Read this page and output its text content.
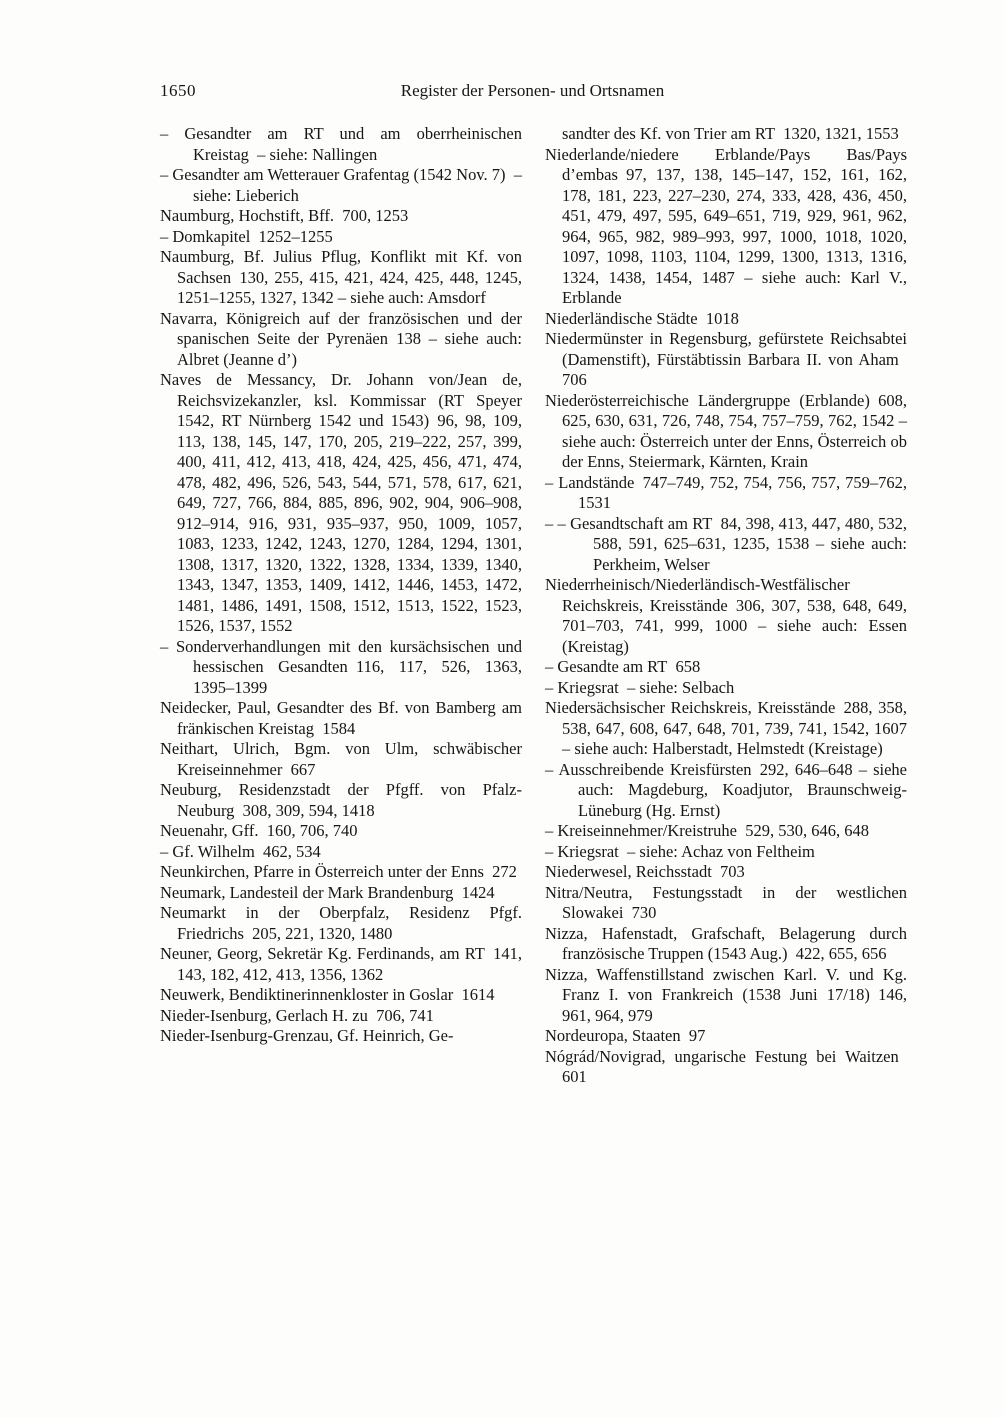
1650	Register der Personen- und Ortsnamen

– Gesandter am RT und am oberrheinischen Kreistag – siehe: Nallingen

– Gesandter am Wetterauer Grafentag (1542 Nov. 7) – siehe: Lieberich

Naumburg, Hochstift, Bff. 700, 1253

– Domkapitel 1252–1255

Naumburg, Bf. Julius Pflug, Konflikt mit Kf. von Sachsen 130, 255, 415, 421, 424, 425, 448, 1245, 1251–1255, 1327, 1342 – siehe auch: Amsdorf

Navarra, Königreich auf der französischen und der spanischen Seite der Pyrenäen 138 – siehe auch: Albret (Jeanne d’)

Naves de Messancy, Dr. Johann von/Jean de, Reichsvizekanzler, ksl. Kommissar (RT Speyer 1542, RT Nürnberg 1542 und 1543) 96, 98, 109, 113, 138, 145, 147, 170, 205, 219–222, 257, 399, 400, 411, 412, 413, 418, 424, 425, 456, 471, 474, 478, 482, 496, 526, 543, 544, 571, 578, 617, 621, 649, 727, 766, 884, 885, 896, 902, 904, 906–908, 912–914, 916, 931, 935–937, 950, 1009, 1057, 1083, 1233, 1242, 1243, 1270, 1284, 1294, 1301, 1308, 1317, 1320, 1322, 1328, 1334, 1339, 1340, 1343, 1347, 1353, 1409, 1412, 1446, 1453, 1472, 1481, 1486, 1491, 1508, 1512, 1513, 1522, 1523, 1526, 1537, 1552

– Sonderverhandlungen mit den kursächsischen und hessischen Gesandten 116, 117, 526, 1363, 1395–1399

Neidecker, Paul, Gesandter des Bf. von Bamberg am fränkischen Kreistag 1584

Neithart, Ulrich, Bgm. von Ulm, schwäbischer Kreiseinnehmer 667

Neuburg, Residenzstadt der Pfgff. von Pfalz-Neuburg 308, 309, 594, 1418

Neuenahr, Gff. 160, 706, 740

– Gf. Wilhelm 462, 534

Neunkirchen, Pfarre in Österreich unter der Enns 272

Neumark, Landesteil der Mark Brandenburg 1424

Neumarkt in der Oberpfalz, Residenz Pfgf. Friedrichs 205, 221, 1320, 1480

Neuner, Georg, Sekretär Kg. Ferdinands, am RT 141, 143, 182, 412, 413, 1356, 1362

Neuwerk, Bendiktinerinnenkloster in Goslar 1614

Nieder-Isenburg, Gerlach H. zu 706, 741

Nieder-Isenburg-Grenzau, Gf. Heinrich, Ge-

sandter des Kf. von Trier am RT 1320, 1321, 1553

Niederlande/niedere Erblande/Pays Bas/Pays d’embas 97, 137, 138, 145–147, 152, 161, 162, 178, 181, 223, 227–230, 274, 333, 428, 436, 450, 451, 479, 497, 595, 649–651, 719, 929, 961, 962, 964, 965, 982, 989–993, 997, 1000, 1018, 1020, 1097, 1098, 1103, 1104, 1299, 1300, 1313, 1316, 1324, 1438, 1454, 1487 – siehe auch: Karl V., Erblande

Niederländische Städte 1018

Niedermünster in Regensburg, gefürstete Reichsabtei (Damenstift), Fürstäbtissin Barbara II. von Aham 706

Niederösterreichische Ländergruppe (Erblande) 608, 625, 630, 631, 726, 748, 754, 757–759, 762, 1542 – siehe auch: Österreich unter der Enns, Österreich ob der Enns, Steiermark, Kärnten, Krain

– Landstände 747–749, 752, 754, 756, 757, 759–762, 1531

– – Gesandtschaft am RT 84, 398, 413, 447, 480, 532, 588, 591, 625–631, 1235, 1538 – siehe auch: Perkheim, Welser

Niederrheinisch/Niederländisch-Westfälischer Reichskreis, Kreisstände 306, 307, 538, 648, 649, 701–703, 741, 999, 1000 – siehe auch: Essen (Kreistag)

– Gesandte am RT 658

– Kriegsrat – siehe: Selbach

Niedersächsischer Reichskreis, Kreisstände 288, 358, 538, 647, 608, 647, 648, 701, 739, 741, 1542, 1607 – siehe auch: Halberstadt, Helmstedt (Kreistage)

– Ausschreibende Kreisfürsten 292, 646–648 – siehe auch: Magdeburg, Koadjutor, Braunschweig-Lüneburg (Hg. Ernst)

– Kreiseinnehmer/Kreistruhe 529, 530, 646, 648

– Kriegsrat – siehe: Achaz von Feltheim

Niederwesel, Reichsstadt 703

Nitra/Neutra, Festungsstadt in der westlichen Slowakei 730

Nizza, Hafenstadt, Grafschaft, Belagerung durch französische Truppen (1543 Aug.) 422, 655, 656

Nizza, Waffenstillstand zwischen Karl. V. und Kg. Franz I. von Frankreich (1538 Juni 17/18) 146, 961, 964, 979

Nordeuropa, Staaten 97

Nógrád/Novigrad, ungarische Festung bei Waitzen 601
